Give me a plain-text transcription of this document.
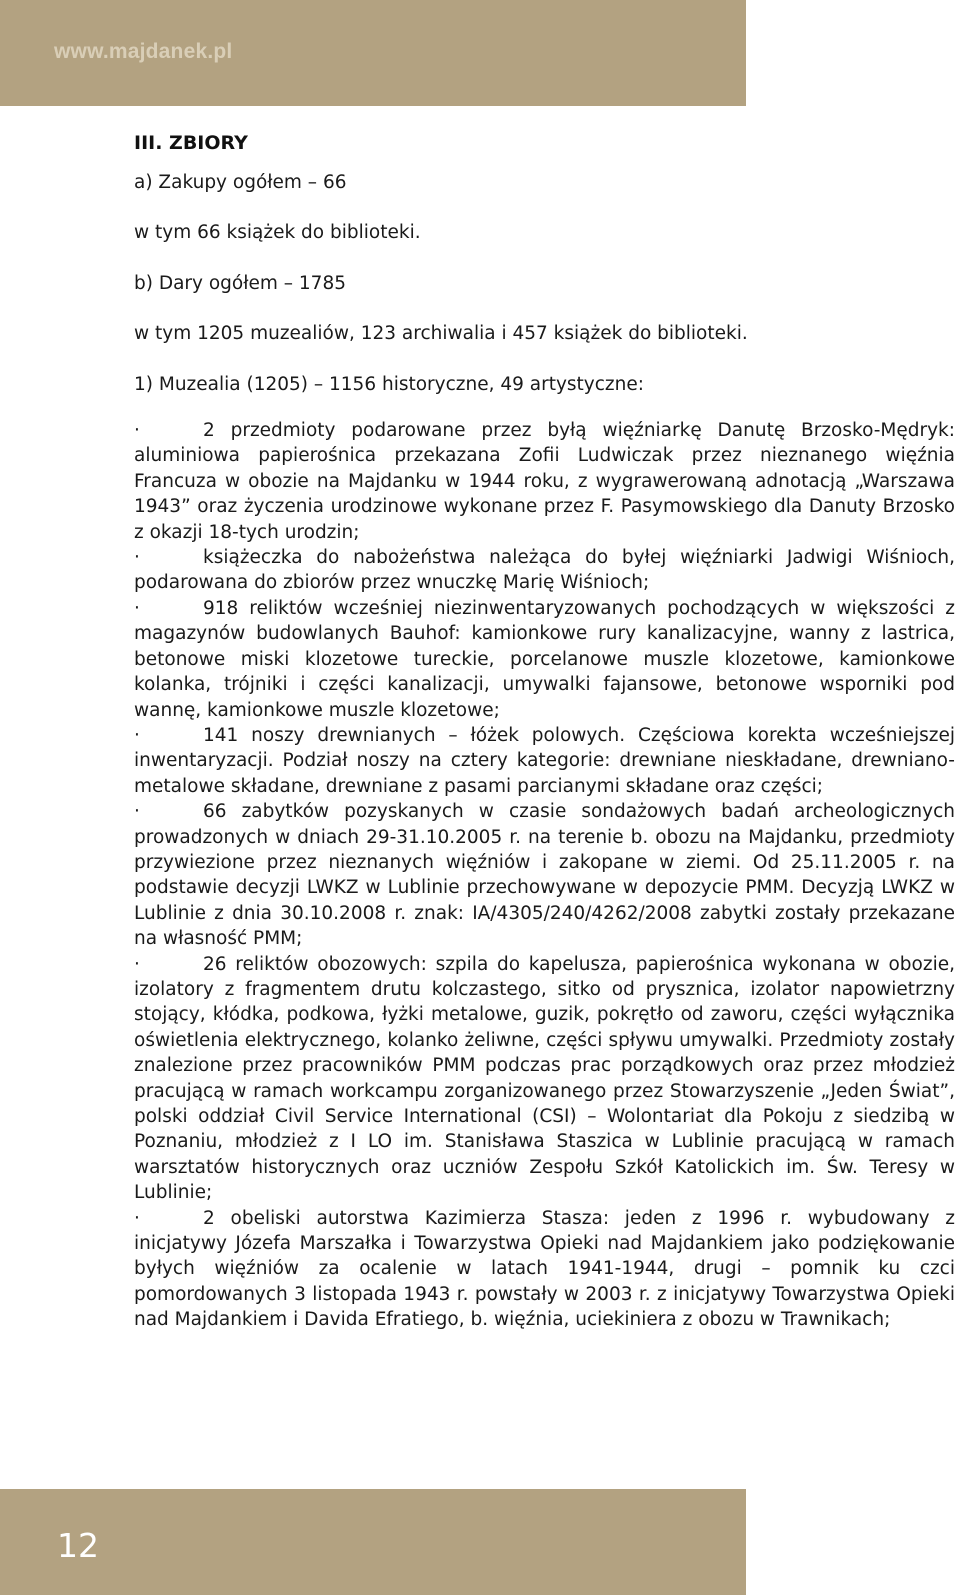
www.majdanek.pl
III. ZBIORY

a) Zakupy ogółem – 66

w tym 66 książek do biblioteki.

b) Dary ogółem – 1785

w tym 1205 muzealiów, 123 archiwalia i 457 książek do biblioteki.

1) Muzealia (1205) – 1156 historyczne, 49 artystyczne:

·	2 przedmioty podarowane przez byłą więźniarkę Danutę Brzosko-Mędryk: aluminiowa papierośnica przekazana Zofii Ludwiczak przez nieznanego więźnia Francuza w obozie na Majdanku w 1944 roku, z wygrawerowaną adnotacją „Warszawa 1943” oraz życzenia urodzinowe wykonane przez F. Pasymowskiego dla Danuty Brzosko z okazji 18-tych urodzin;

·	książeczka do nabożeństwa należąca do byłej więźniarki Jadwigi Wiśnioch, podarowana do zbiorów przez wnuczkę Marię Wiśnioch;

·	918 reliktów wcześniej niezinwentaryzowanych pochodzących w większości z magazynów budowlanych Bauhof: kamionkowe rury kanalizacyjne, wanny z lastrica, betonowe miski klozetowe tureckie, porcelanowe muszle klozetowe, kamionkowe kolanka, trójniki i części kanalizacji, umywalki fajansowe, betonowe wsporniki pod wannę, kamionkowe muszle klozetowe;

·	141 noszy drewnianych – łóżek polowych. Częściowa korekta wcześniejszej inwentaryzacji. Podział noszy na cztery kategorie: drewniane nieskładane, drewniano-metalowe składane, drewniane z pasami parcianymi składane oraz części;

·	66 zabytków pozyskanych w czasie sondażowych badań archeologicznych prowadzonych w dniach 29-31.10.2005 r. na terenie b. obozu na Majdanku, przedmioty przywiezione przez nieznanych więźniów i zakopane w ziemi. Od 25.11.2005 r. na podstawie decyzji LWKZ w Lublinie przechowywane w depozycie PMM. Decyzją LWKZ w Lublinie z dnia 30.10.2008 r. znak: IA/4305/240/4262/2008 zabytki zostały przekazane na własność PMM;

·	26 reliktów obozowych: szpila do kapelusza, papierośnica wykonana w obozie, izolatory z fragmentem drutu kolczastego, sitko od prysznica, izolator napowietrzny stojący, kłódka, podkowa, łyżki metalowe, guzik, pokrętło od zaworu, części wyłącznika oświetlenia elektrycznego, kolanko żeliwne, części spływu umywalki. Przedmioty zostały znalezione przez pracowników PMM podczas prac porządkowych oraz przez młodzież pracującą w ramach workcampu zorganizowanego przez Stowarzyszenie „Jeden Świat”, polski oddział Civil Service International (CSI) – Wolontariat dla Pokoju z siedzibą w Poznaniu, młodzież z I LO im. Stanisława Staszica w Lublinie pracującą w ramach warsztatów historycznych oraz uczniów Zespołu Szkół Katolickich im. Św. Teresy w Lublinie;

·	2 obeliski autorstwa Kazimierza Stasza: jeden z 1996 r. wybudowany z inicjatywy Józefa Marszałka i Towarzystwa Opieki nad Majdankiem jako podziękowanie byłych więźniów za ocalenie w latach 1941-1944, drugi – pomnik ku czci pomordowanych 3 listopada 1943 r. powstały w 2003 r. z inicjatywy Towarzystwa Opieki nad Majdankiem i Davida Efratiego, b. więźnia, uciekiniera z obozu w Trawnikach;

12
